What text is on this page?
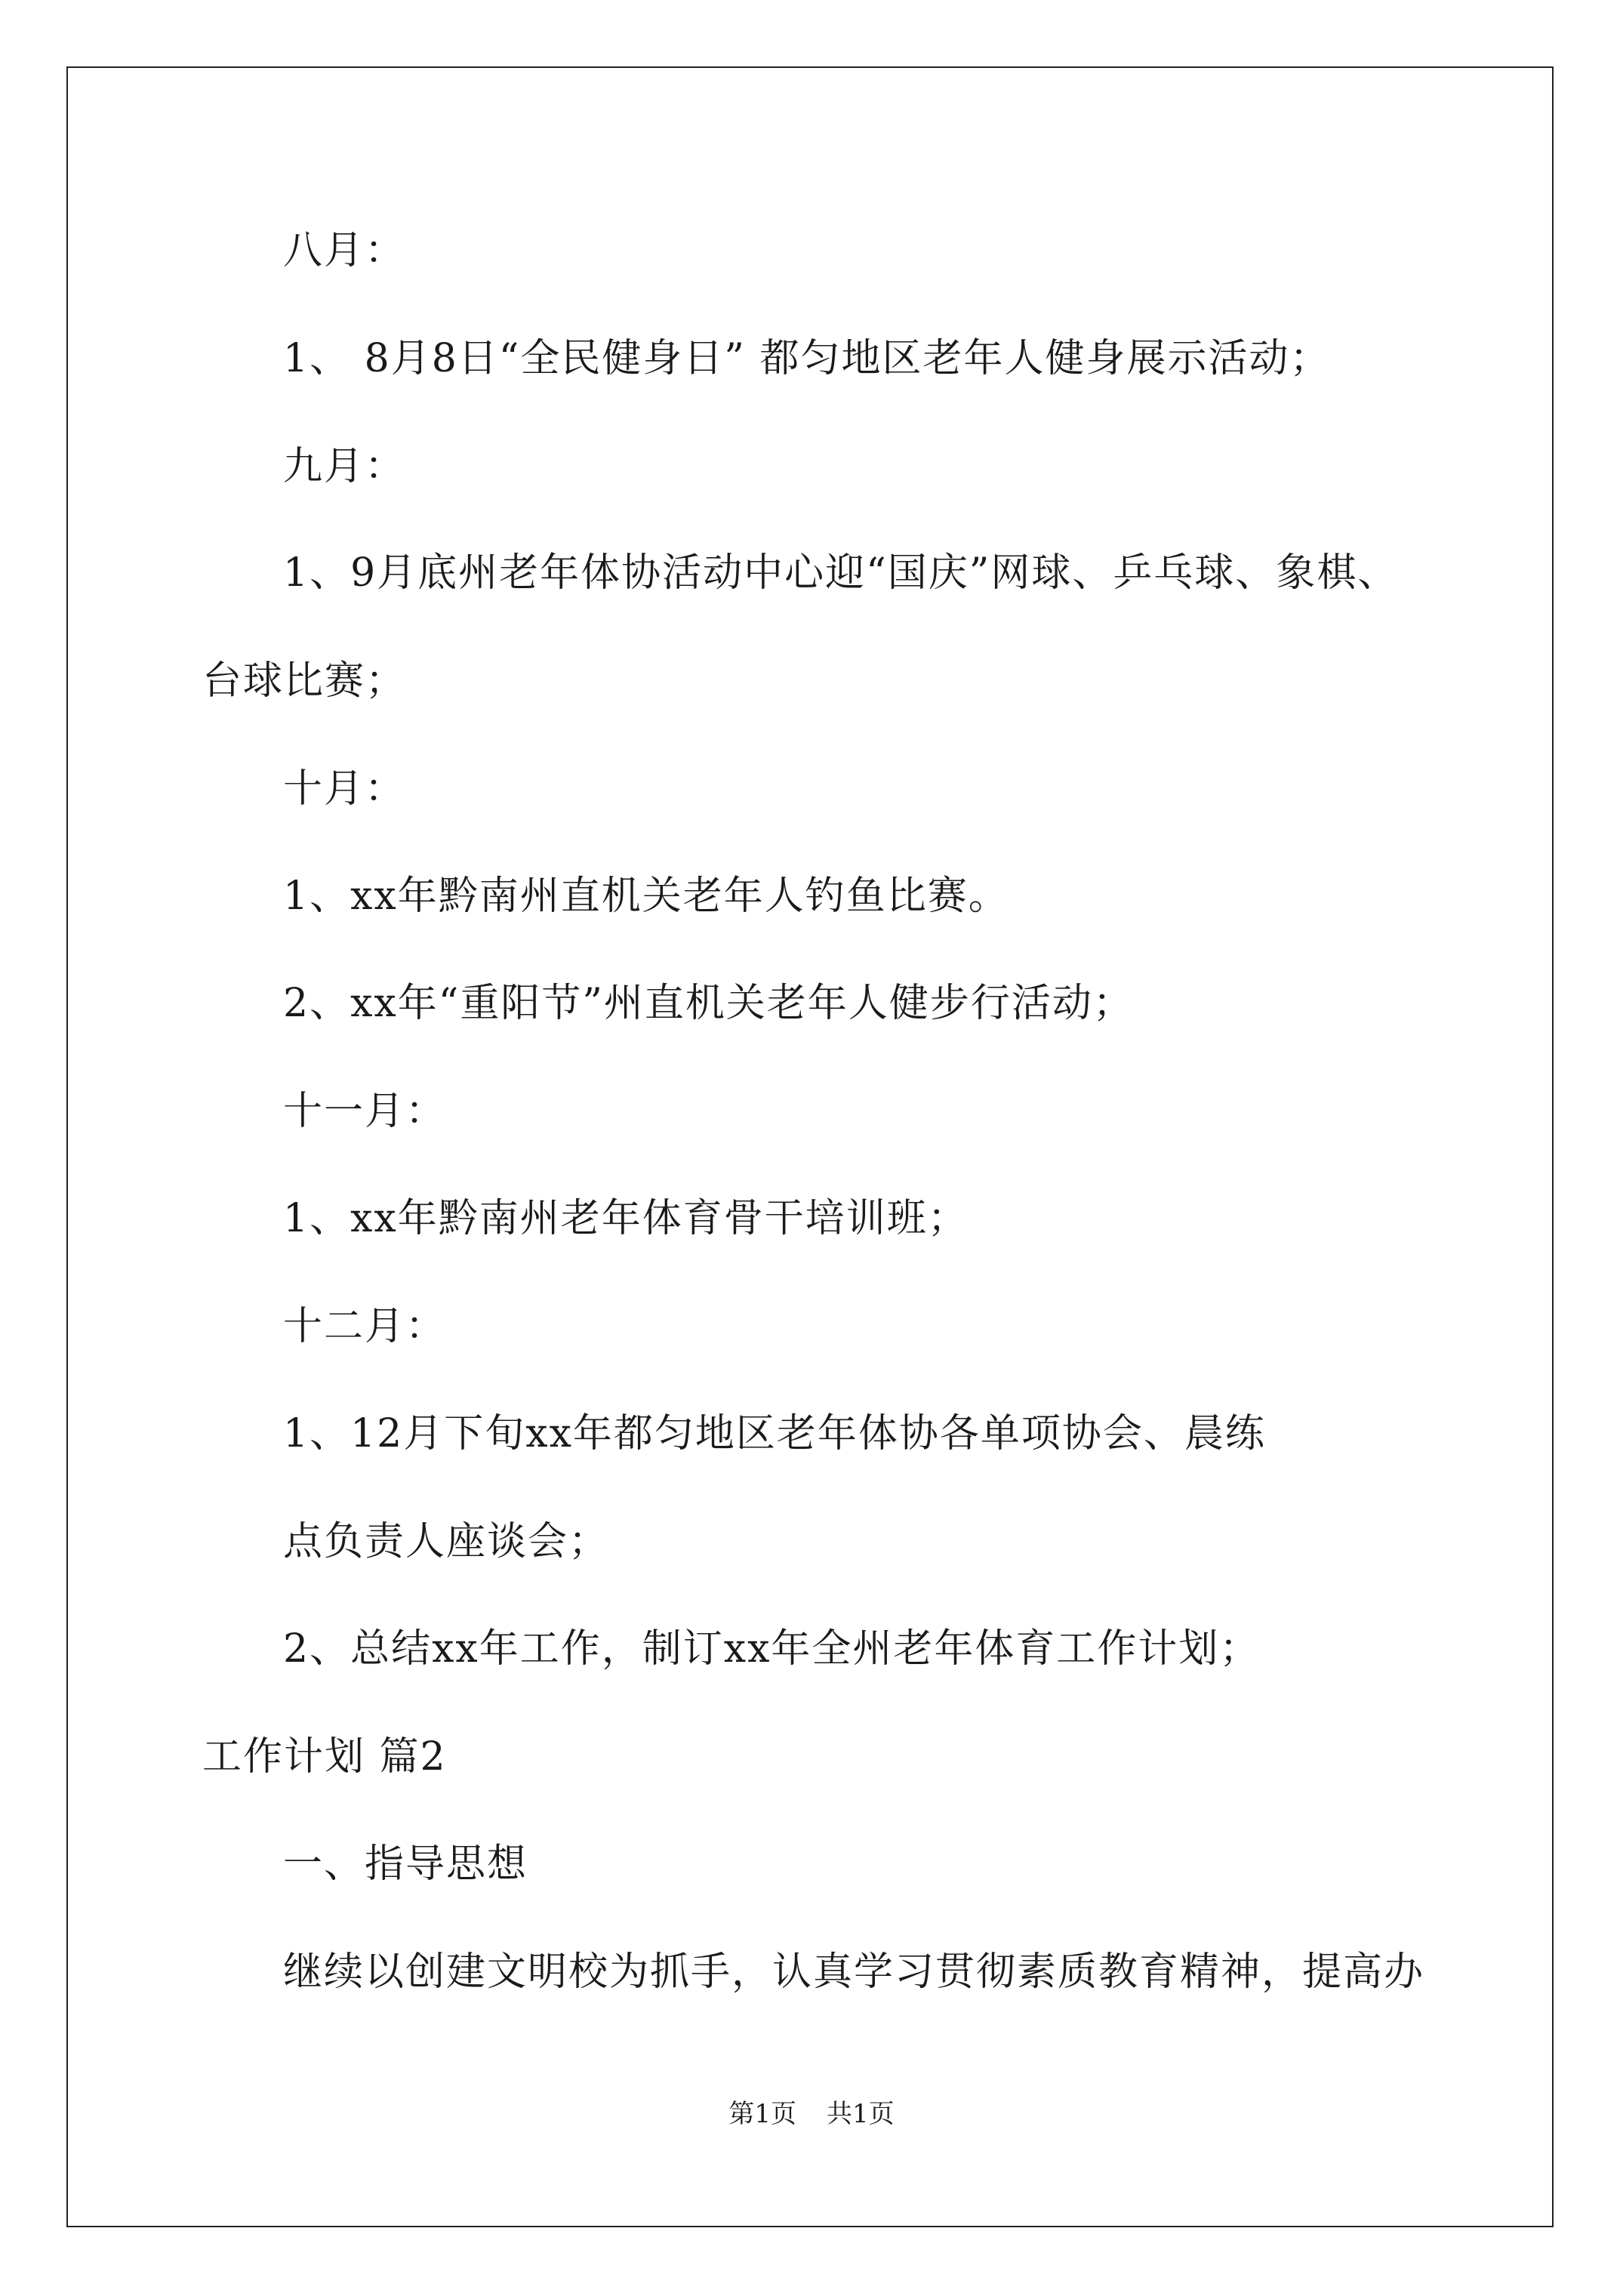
八月：
1、 8月8日“全民健身日” 都匀地区老年人健身展示活动；
九月：
1、9月底州老年体协活动中心迎“国庆”网球、乒乓球、象棋、
台球比赛；
十月：
1、xx年黔南州直机关老年人钓鱼比赛。
2、xx年“重阳节”州直机关老年人健步行活动；
十一月：
1、xx年黔南州老年体育骨干培训班；
十二月：
1、12月下旬xx年都匀地区老年体协各单项协会、晨练
点负责人座谈会；
2、总结xx年工作，制订xx年全州老年体育工作计划；
工作计划 篇2
一、指导思想
继续以创建文明校为抓手，认真学习贯彻素质教育精神，提高办
第1页 共1页
